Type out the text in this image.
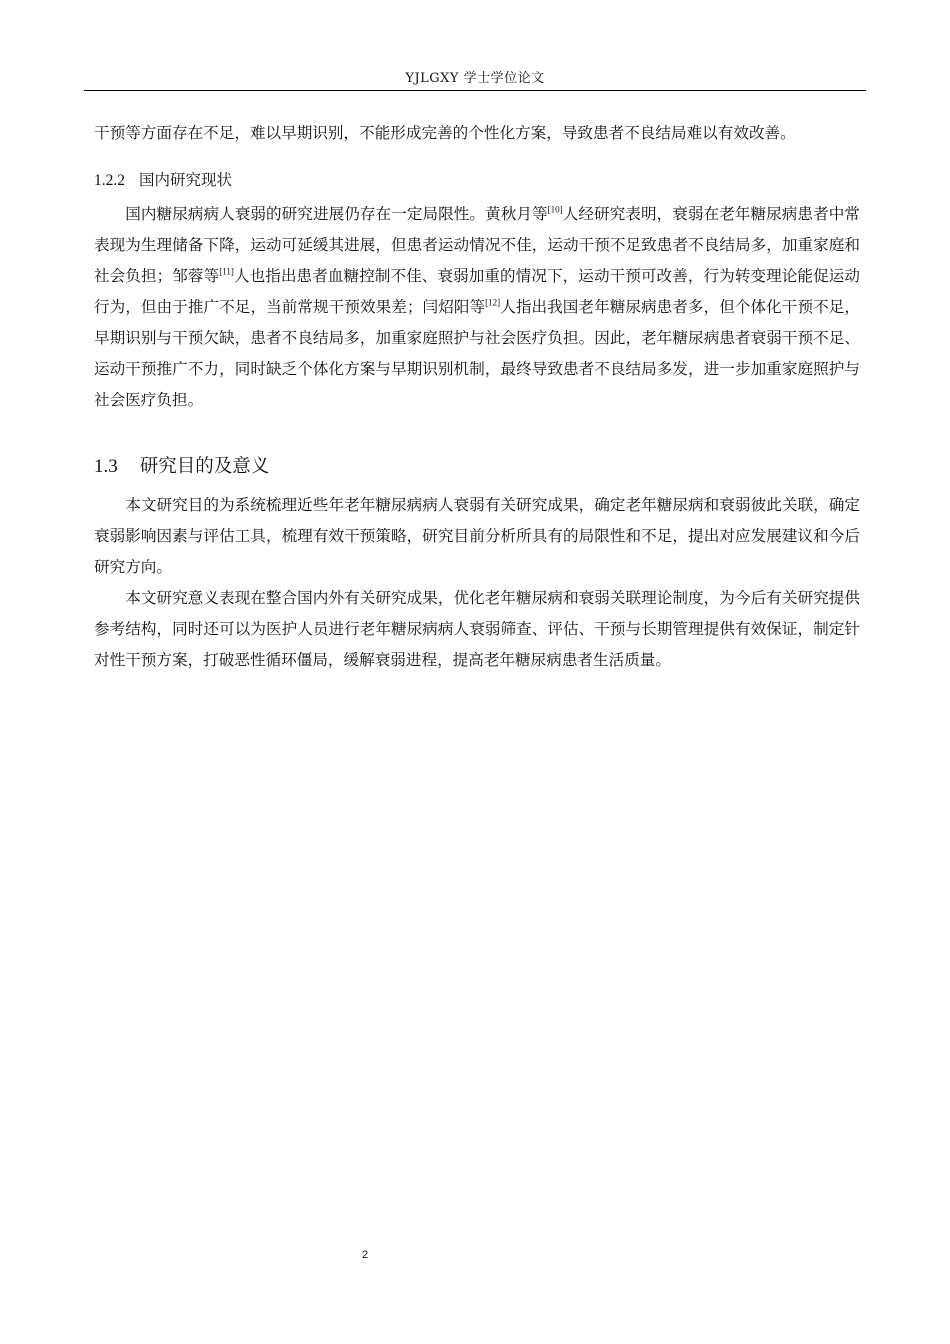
YJLGXY 学士学位论文

干预等方面存在不足，难以早期识别，不能形成完善的个性化方案，导致患者不良结局难以有效改善。

1.2.2 国内研究现状

国内糖尿病病人衰弱的研究进展仍存在一定局限性。黄秋月等[10]人经研究表明，衰弱在老年糖尿病患者中常表现为生理储备下降，运动可延缓其进展，但患者运动情况不佳，运动干预不足致患者不良结局多，加重家庭和社会负担；邹蓉等[11]人也指出患者血糖控制不佳、衰弱加重的情况下，运动干预可改善，行为转变理论能促运动行为，但由于推广不足，当前常规干预效果差；闫炤阳等[12]人指出我国老年糖尿病患者多，但个体化干预不足，早期识别与干预欠缺，患者不良结局多，加重家庭照护与社会医疗负担。因此，老年糖尿病患者衰弱干预不足、运动干预推广不力，同时缺乏个体化方案与早期识别机制，最终导致患者不良结局多发，进一步加重家庭照护与社会医疗负担。

1.3 研究目的及意义

本文研究目的为系统梳理近些年老年糖尿病病人衰弱有关研究成果，确定老年糖尿病和衰弱彼此关联，确定衰弱影响因素与评估工具，梳理有效干预策略，研究目前分析所具有的局限性和不足，提出对应发展建议和今后研究方向。

本文研究意义表现在整合国内外有关研究成果，优化老年糖尿病和衰弱关联理论制度，为今后有关研究提供参考结构，同时还可以为医护人员进行老年糖尿病病人衰弱筛查、评估、干预与长期管理提供有效保证，制定针对性干预方案，打破恶性循环僵局，缓解衰弱进程，提高老年糖尿病患者生活质量。

2
